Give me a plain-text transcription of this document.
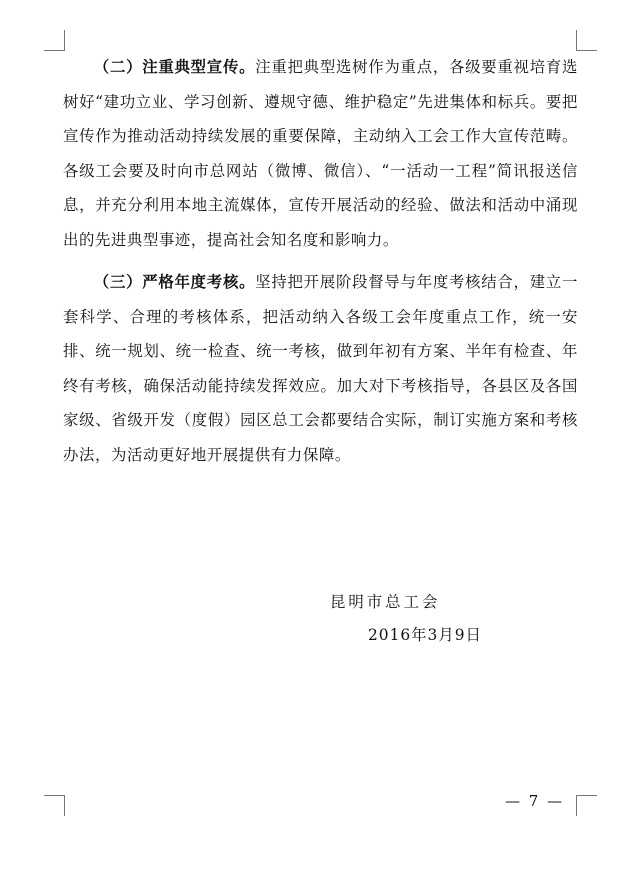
（二）注重典型宣传。注重把典型选树作为重点，各级要重视培育选树好“建功立业、学习创新、遵规守德、维护稳定”先进集体和标兵。要把宣传作为推动活动持续发展的重要保障，主动纳入工会工作大宣传范畴。各级工会要及时向市总网站（微博、微信）、“一活动一工程”简讯报送信息，并充分利用本地主流媒体，宣传开展活动的经验、做法和活动中涌现出的先进典型事迹，提高社会知名度和影响力。

（三）严格年度考核。坚持把开展阶段督导与年度考核结合，建立一套科学、合理的考核体系，把活动纳入各级工会年度重点工作，统一安排、统一规划、统一检查、统一考核，做到年初有方案、半年有检查、年终有考核，确保活动能持续发挥效应。加大对下考核指导，各县区及各国家级、省级开发（度假）园区总工会都要结合实际，制订实施方案和考核办法，为活动更好地开展提供有力保障。

昆明市总工会
2016年3月9日
— 7 —
